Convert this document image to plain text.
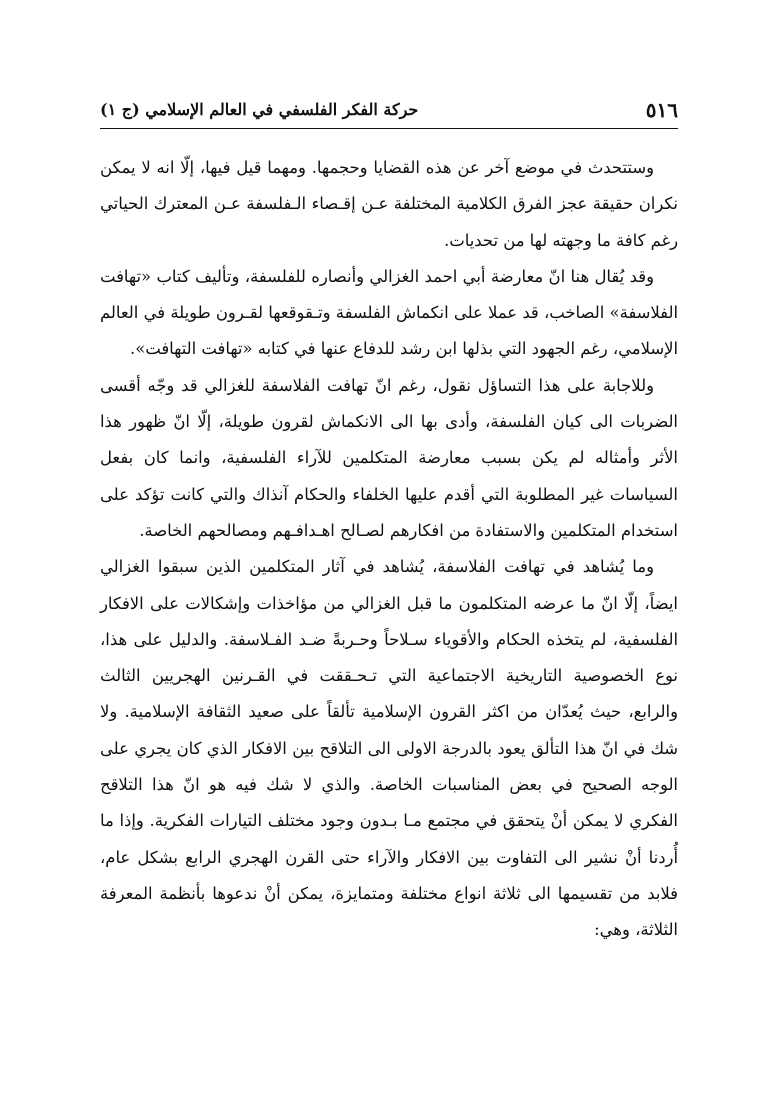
٥١٦
حركة الفكر الفلسفي في العالم الإسلامي (ج ١)

وستتحدث في موضع آخر عن هذه القضايا وحجمها. ومهما قيل فيها، إلّا انه لا يمكن نكران حقيقة عجز الفرق الكلامية المختلفة عـن إقـصاء الـفلسفة عـن المعترك الحياتي رغم كافة ما وجهته لها من تحديات.

وقد يُقال هنا انّ معارضة أبي احمد الغزالي وأنصاره للفلسفة، وتأليف كتاب «تهافت الفلاسفة» الصاخب، قد عملا على انكماش الفلسفة وتـقوقعها لقـرون طويلة في العالم الإسلامي، رغم الجهود التي بذلها ابن رشد للدفاع عنها في كتابه «تهافت التهافت».

وللاجابة على هذا التساؤل نقول، رغم انّ تهافت الفلاسفة للغزالي قد وجّه أقسى الضربات الى كيان الفلسفة، وأدى بها الى الانكماش لقرون طويلة، إلّا انّ ظهور هذا الأثر وأمثاله لم يكن بسبب معارضة المتكلمين للآراء الفلسفية، وانما كان بفعل السياسات غير المطلوبة التي أقدم عليها الخلفاء والحكام آنذاك والتي كانت تؤكد على استخدام المتكلمين والاستفادة من افكارهم لصـالح اهـدافـهم ومصالحهم الخاصة.

وما يُشاهد في تهافت الفلاسفة، يُشاهد في آثار المتكلمين الذين سبقوا الغزالي ايضاً، إلّا انّ ما عرضه المتكلمون ما قبل الغزالي من مؤاخذات وإشكالات على الافكار الفلسفية، لم يتخذه الحكام والأقوياء سـلاحاً وحـربةً ضـد الفـلاسفة. والدليل على هذا، نوع الخصوصية التاريخية الاجتماعية التي تـحـققت في القـرنين الهجريين الثالث والرابع، حيث يُعدّان من اكثر القرون الإسلامية تألقاً على صعيد الثقافة الإسلامية. ولا شك في انّ هذا التألق يعود بالدرجة الاولى الى التلاقح بين الافكار الذي كان يجري على الوجه الصحيح في بعض المناسبات الخاصة. والذي لا شك فيه هو انّ هذا التلاقح الفكري لا يمكن أنْ يتحقق في مجتمع مـا بـدون وجود مختلف التيارات الفكرية. وإذا ما أُردنا أنْ نشير الى التفاوت بين الافكار والآراء حتى القرن الهجري الرابع بشكل عام، فلابد من تقسيمها الى ثلاثة انواع مختلفة ومتمايزة، يمكن أنْ ندعوها بأنظمة المعرفة الثلاثة، وهي:
